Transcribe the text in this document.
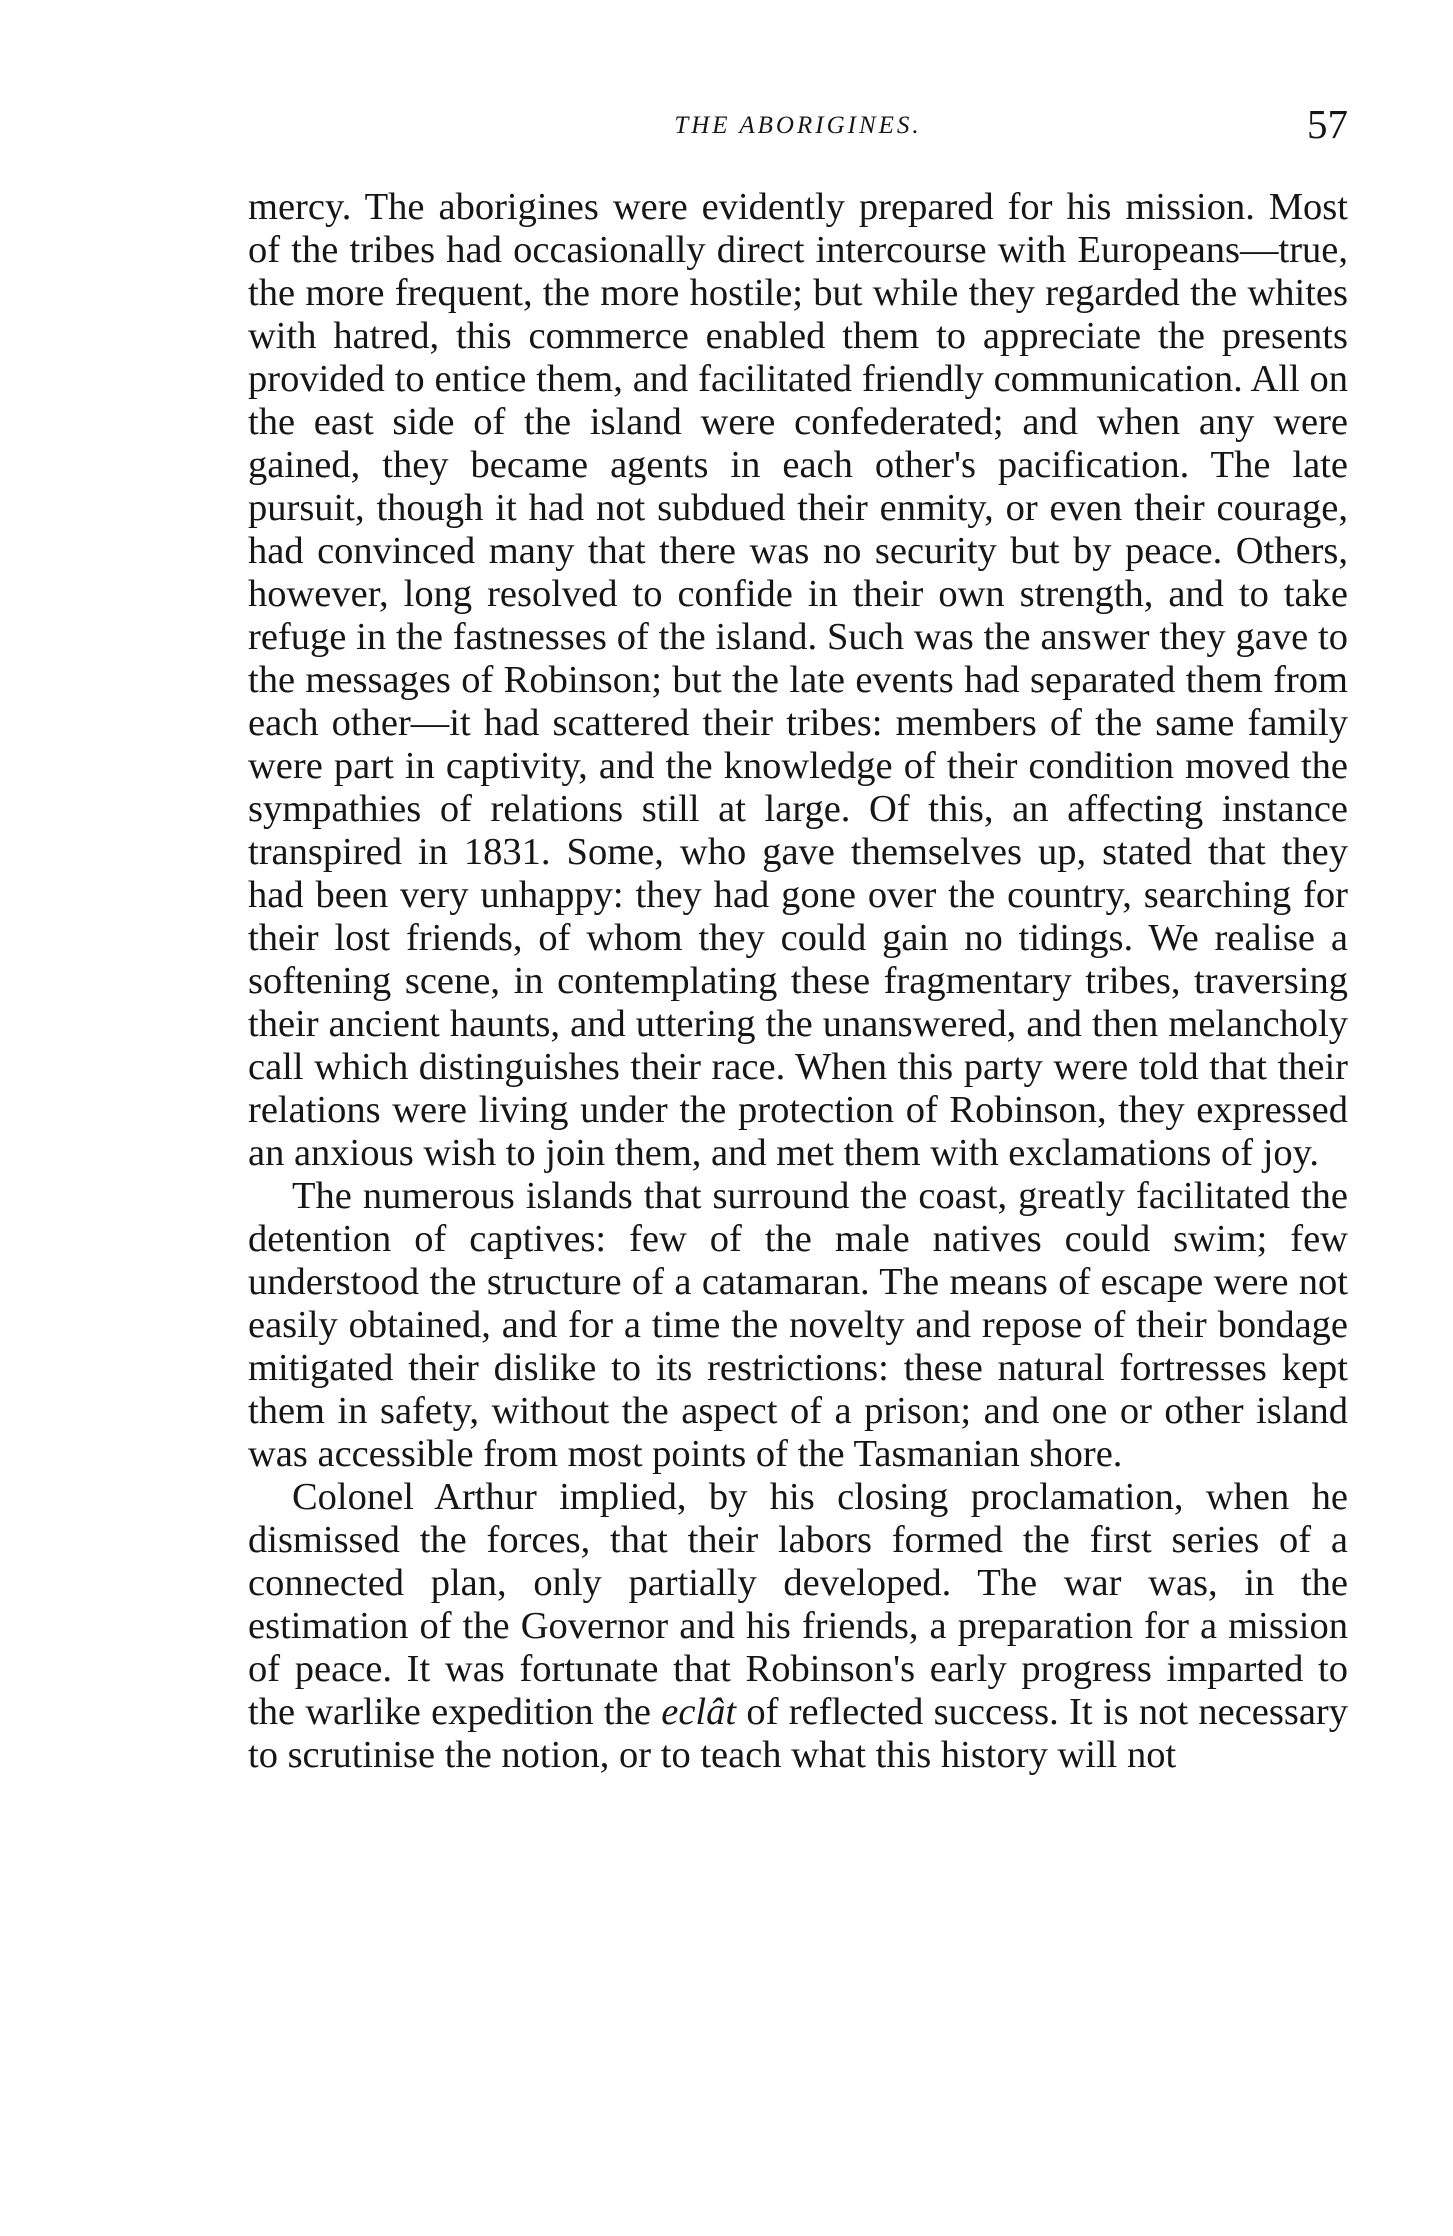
THE ABORIGINES.	57

mercy. The aborigines were evidently prepared for his mission. Most of the tribes had occasionally direct intercourse with Europeans—true, the more frequent, the more hostile; but while they regarded the whites with hatred, this commerce enabled them to appreciate the presents provided to entice them, and facilitated friendly communication. All on the east side of the island were confederated; and when any were gained, they became agents in each other's pacification. The late pursuit, though it had not subdued their enmity, or even their courage, had convinced many that there was no security but by peace. Others, however, long resolved to confide in their own strength, and to take refuge in the fastnesses of the island. Such was the answer they gave to the messages of Robinson; but the late events had separated them from each other—it had scattered their tribes: members of the same family were part in captivity, and the knowledge of their condition moved the sympathies of relations still at large. Of this, an affecting instance transpired in 1831. Some, who gave themselves up, stated that they had been very unhappy: they had gone over the country, searching for their lost friends, of whom they could gain no tidings. We realise a softening scene, in contemplating these fragmentary tribes, traversing their ancient haunts, and uttering the unanswered, and then melancholy call which distinguishes their race. When this party were told that their relations were living under the protection of Robinson, they expressed an anxious wish to join them, and met them with exclamations of joy.

The numerous islands that surround the coast, greatly facilitated the detention of captives: few of the male natives could swim; few understood the structure of a catamaran. The means of escape were not easily obtained, and for a time the novelty and repose of their bondage mitigated their dislike to its restrictions: these natural fortresses kept them in safety, without the aspect of a prison; and one or other island was accessible from most points of the Tasmanian shore.

Colonel Arthur implied, by his closing proclamation, when he dismissed the forces, that their labors formed the first series of a connected plan, only partially developed. The war was, in the estimation of the Governor and his friends, a preparation for a mission of peace. It was fortunate that Robinson's early progress imparted to the warlike expedition the eclât of reflected success. It is not necessary to scrutinise the notion, or to teach what this history will not
